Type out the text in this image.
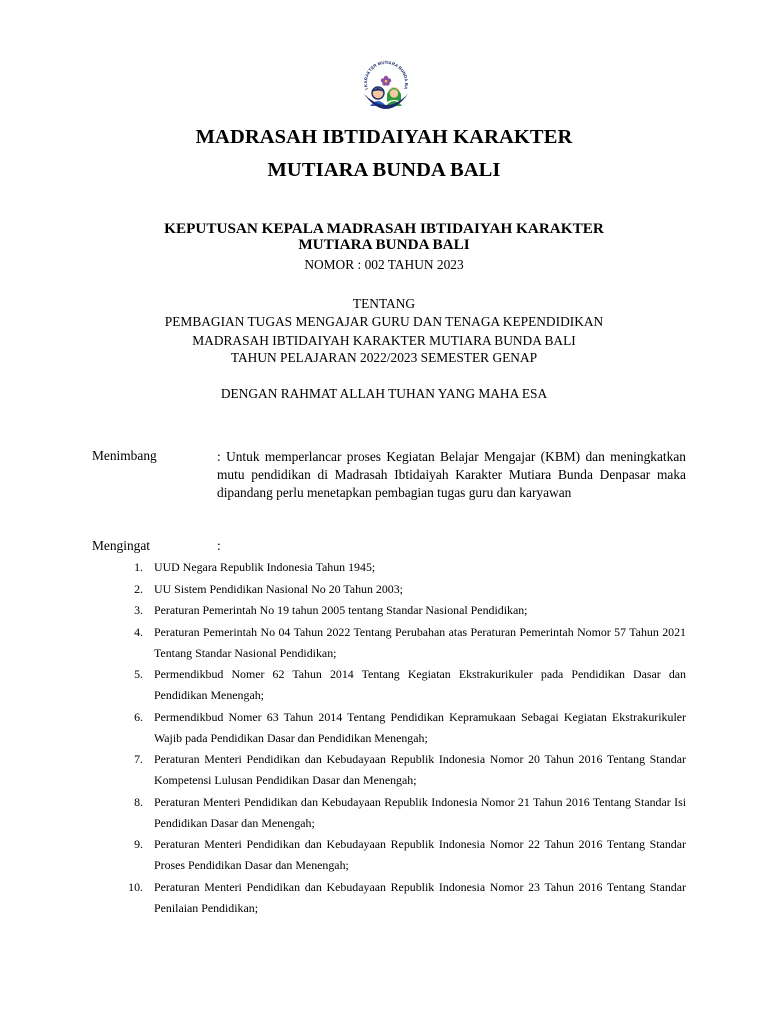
I KARAKTER MUTIARA BUNDA BA
MADRASAH IBTIDAIYAH KARAKTER
MUTIARA BUNDA BALI
KEPUTUSAN KEPALA MADRASAH IBTIDAIYAH KARAKTER
MUTIARA BUNDA BALI
NOMOR : 002 TAHUN 2023
TENTANG
PEMBAGIAN TUGAS MENGAJAR GURU DAN TENAGA KEPENDIDIKAN
MADRASAH IBTIDAIYAH KARAKTER MUTIARA BUNDA BALI
TAHUN PELAJARAN 2022/2023 SEMESTER GENAP
DENGAN RAHMAT ALLAH TUHAN YANG MAHA ESA
Menimbang	: Untuk memperlancar proses Kegiatan Belajar Mengajar (KBM) dan meningkatkan mutu pendidikan di Madrasah Ibtidaiyah Karakter Mutiara Bunda Denpasar maka dipandang perlu menetapkan pembagian tugas guru dan karyawan
Mengingat	:
1. UUD Negara Republik Indonesia Tahun 1945;
2. UU Sistem Pendidikan Nasional No 20 Tahun 2003;
3. Peraturan Pemerintah No 19 tahun 2005 tentang Standar Nasional Pendidikan;
4. Peraturan Pemerintah No 04 Tahun 2022 Tentang Perubahan atas Peraturan Pemerintah Nomor 57 Tahun 2021 Tentang Standar Nasional Pendidikan;
5. Permendikbud Nomer 62 Tahun 2014 Tentang Kegiatan Ekstrakurikuler pada Pendidikan Dasar dan Pendidikan Menengah;
6. Permendikbud Nomer 63 Tahun 2014 Tentang Pendidikan Kepramukaan Sebagai Kegiatan Ekstrakurikuler Wajib pada Pendidikan Dasar dan Pendidikan Menengah;
7. Peraturan Menteri Pendidikan dan Kebudayaan Republik Indonesia Nomor 20 Tahun 2016 Tentang Standar Kompetensi Lulusan Pendidikan Dasar dan Menengah;
8. Peraturan Menteri Pendidikan dan Kebudayaan Republik Indonesia Nomor 21 Tahun 2016 Tentang Standar Isi Pendidikan Dasar dan Menengah;
9. Peraturan Menteri Pendidikan dan Kebudayaan Republik Indonesia Nomor 22 Tahun 2016 Tentang Standar Proses Pendidikan Dasar dan Menengah;
10. Peraturan Menteri Pendidikan dan Kebudayaan Republik Indonesia Nomor 23 Tahun 2016 Tentang Standar Penilaian Pendidikan;
